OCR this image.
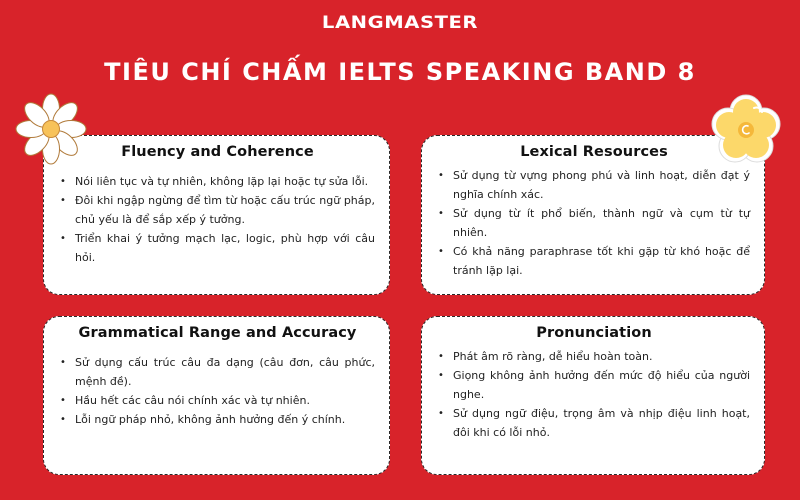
LANGMASTER
TIÊU CHÍ CHẤM IELTS SPEAKING BAND 8
Fluency and Coherence
• Nói liên tục và tự nhiên, không lặp lại hoặc tự sửa lỗi.
• Đôi khi ngập ngừng để tìm từ hoặc cấu trúc ngữ pháp, chủ yếu là để sắp xếp ý tưởng.
• Triển khai ý tưởng mạch lạc, logic, phù hợp với câu hỏi.
Lexical Resources
• Sử dụng từ vựng phong phú và linh hoạt, diễn đạt ý nghĩa chính xác.
• Sử dụng từ ít phổ biến, thành ngữ và cụm từ tự nhiên.
• Có khả năng paraphrase tốt khi gặp từ khó hoặc để tránh lặp lại.
Grammatical Range and Accuracy
• Sử dụng cấu trúc câu đa dạng (câu đơn, câu phức, mệnh đề).
• Hầu hết các câu nói chính xác và tự nhiên.
• Lỗi ngữ pháp nhỏ, không ảnh hưởng đến ý chính.
Pronunciation
• Phát âm rõ ràng, dễ hiểu hoàn toàn.
• Giọng không ảnh hưởng đến mức độ hiểu của người nghe.
• Sử dụng ngữ điệu, trọng âm và nhịp điệu linh hoạt, đôi khi có lỗi nhỏ.
